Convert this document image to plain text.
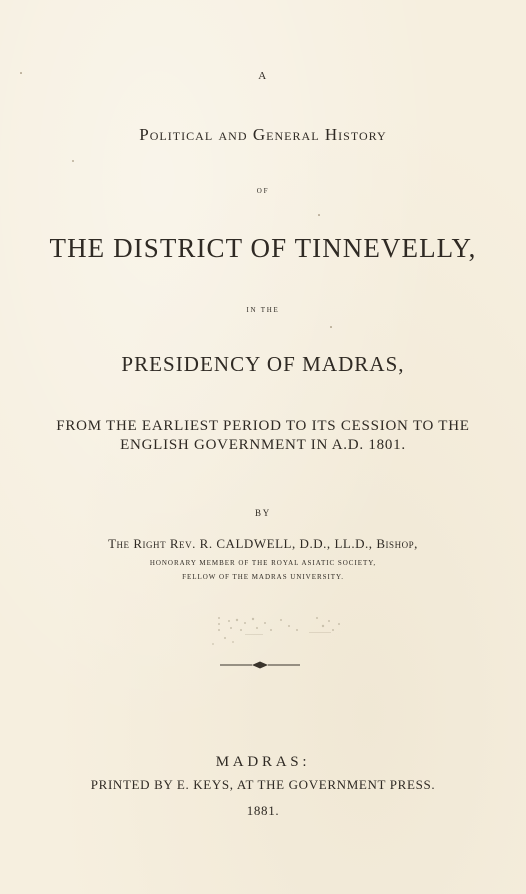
A
Political and General History
OF
THE DISTRICT OF TINNEVELLY,
IN THE
PRESIDENCY OF MADRAS,
FROM THE EARLIEST PERIOD TO ITS CESSION TO THE
ENGLISH GOVERNMENT IN A.D. 1801.
BY
The Right Rev. R. CALDWELL, D.D., LL.D., Bishop,
HONORARY MEMBER OF THE ROYAL ASIATIC SOCIETY,
FELLOW OF THE MADRAS UNIVERSITY.
MADRAS:
PRINTED BY E. KEYS, AT THE GOVERNMENT PRESS.
1881.
